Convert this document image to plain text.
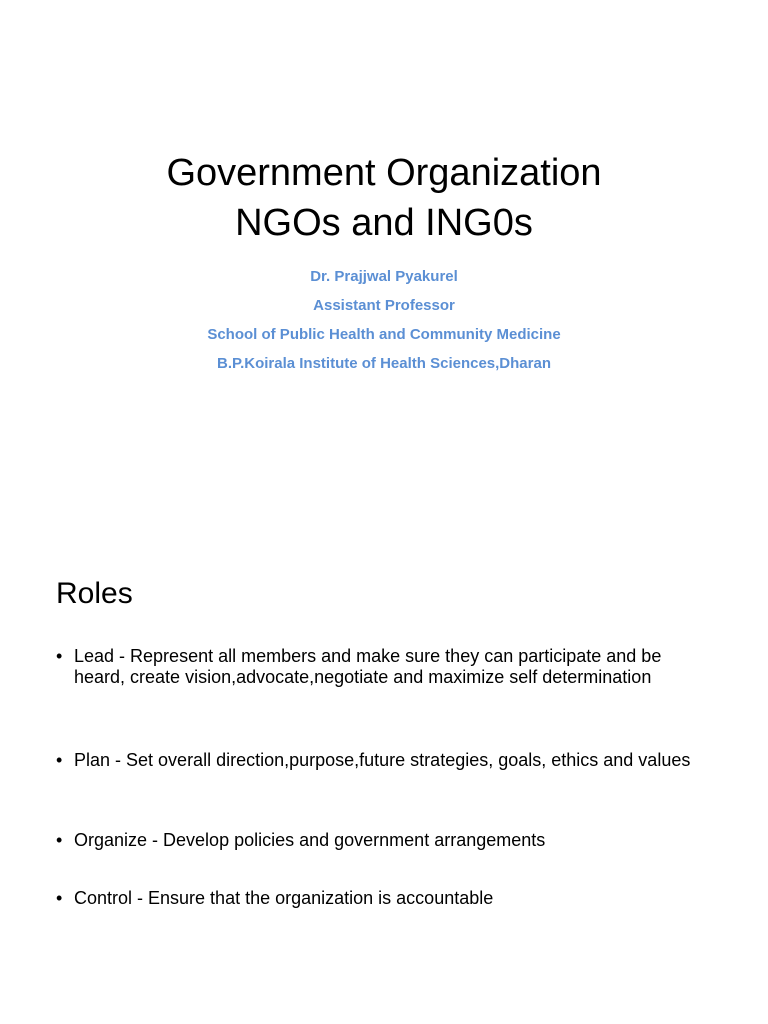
Government Organization
NGOs and ING0s
Dr. Prajjwal Pyakurel
Assistant Professor
School of Public Health and Community Medicine
B.P.Koirala Institute of Health Sciences,Dharan
Roles
• Lead - Represent all members and make sure they can participate and be heard, create vision,advocate,negotiate and maximize self determination
• Plan - Set overall direction,purpose,future strategies, goals, ethics and values
• Organize - Develop policies and government arrangements
• Control - Ensure that the organization is accountable
